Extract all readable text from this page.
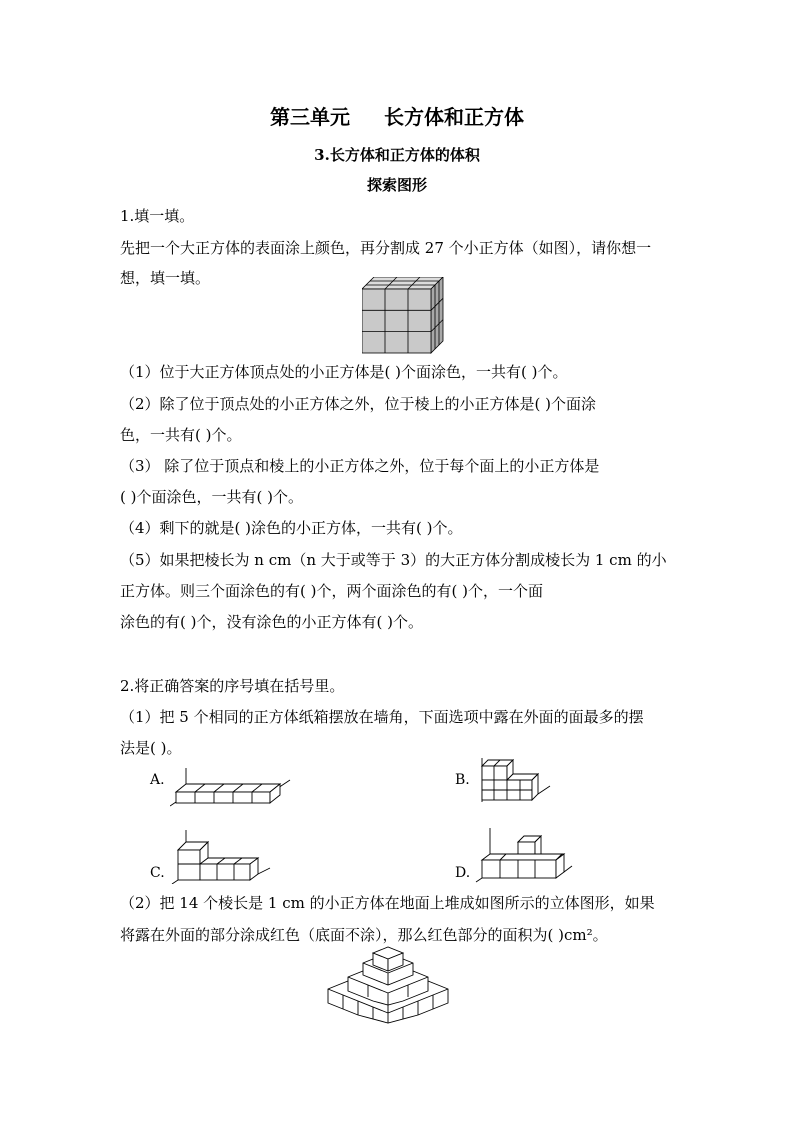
第三单元 长方体和正方体
3.长方体和正方体的体积
探索图形
1.填一填。
先把一个大正方体的表面涂上颜色，再分割成 27 个小正方体（如图），请你想一
想，填一填。
（1）位于大正方体顶点处的小正方体是( )个面涂色，一共有( )个。
（2）除了位于顶点处的小正方体之外，位于棱上的小正方体是( )个面涂
色，一共有( )个。
（3） 除了位于顶点和棱上的小正方体之外，位于每个面上的小正方体是
( )个面涂色，一共有( )个。
（4）剩下的就是( )涂色的小正方体，一共有( )个。
（5）如果把棱长为 n cm（n 大于或等于 3）的大正方体分割成棱长为 1 cm 的小
正方体。则三个面涂色的有( )个，两个面涂色的有( )个，一个面
涂色的有( )个，没有涂色的小正方体有( )个。
2.将正确答案的序号填在括号里。
（1）把 5 个相同的正方体纸箱摆放在墙角，下面选项中露在外面的面最多的摆
法是( )。
A.	B.
C.	D.
（2）把 14 个棱长是 1 cm 的小正方体在地面上堆成如图所示的立体图形，如果
将露在外面的部分涂成红色（底面不涂），那么红色部分的面积为( )cm²。
